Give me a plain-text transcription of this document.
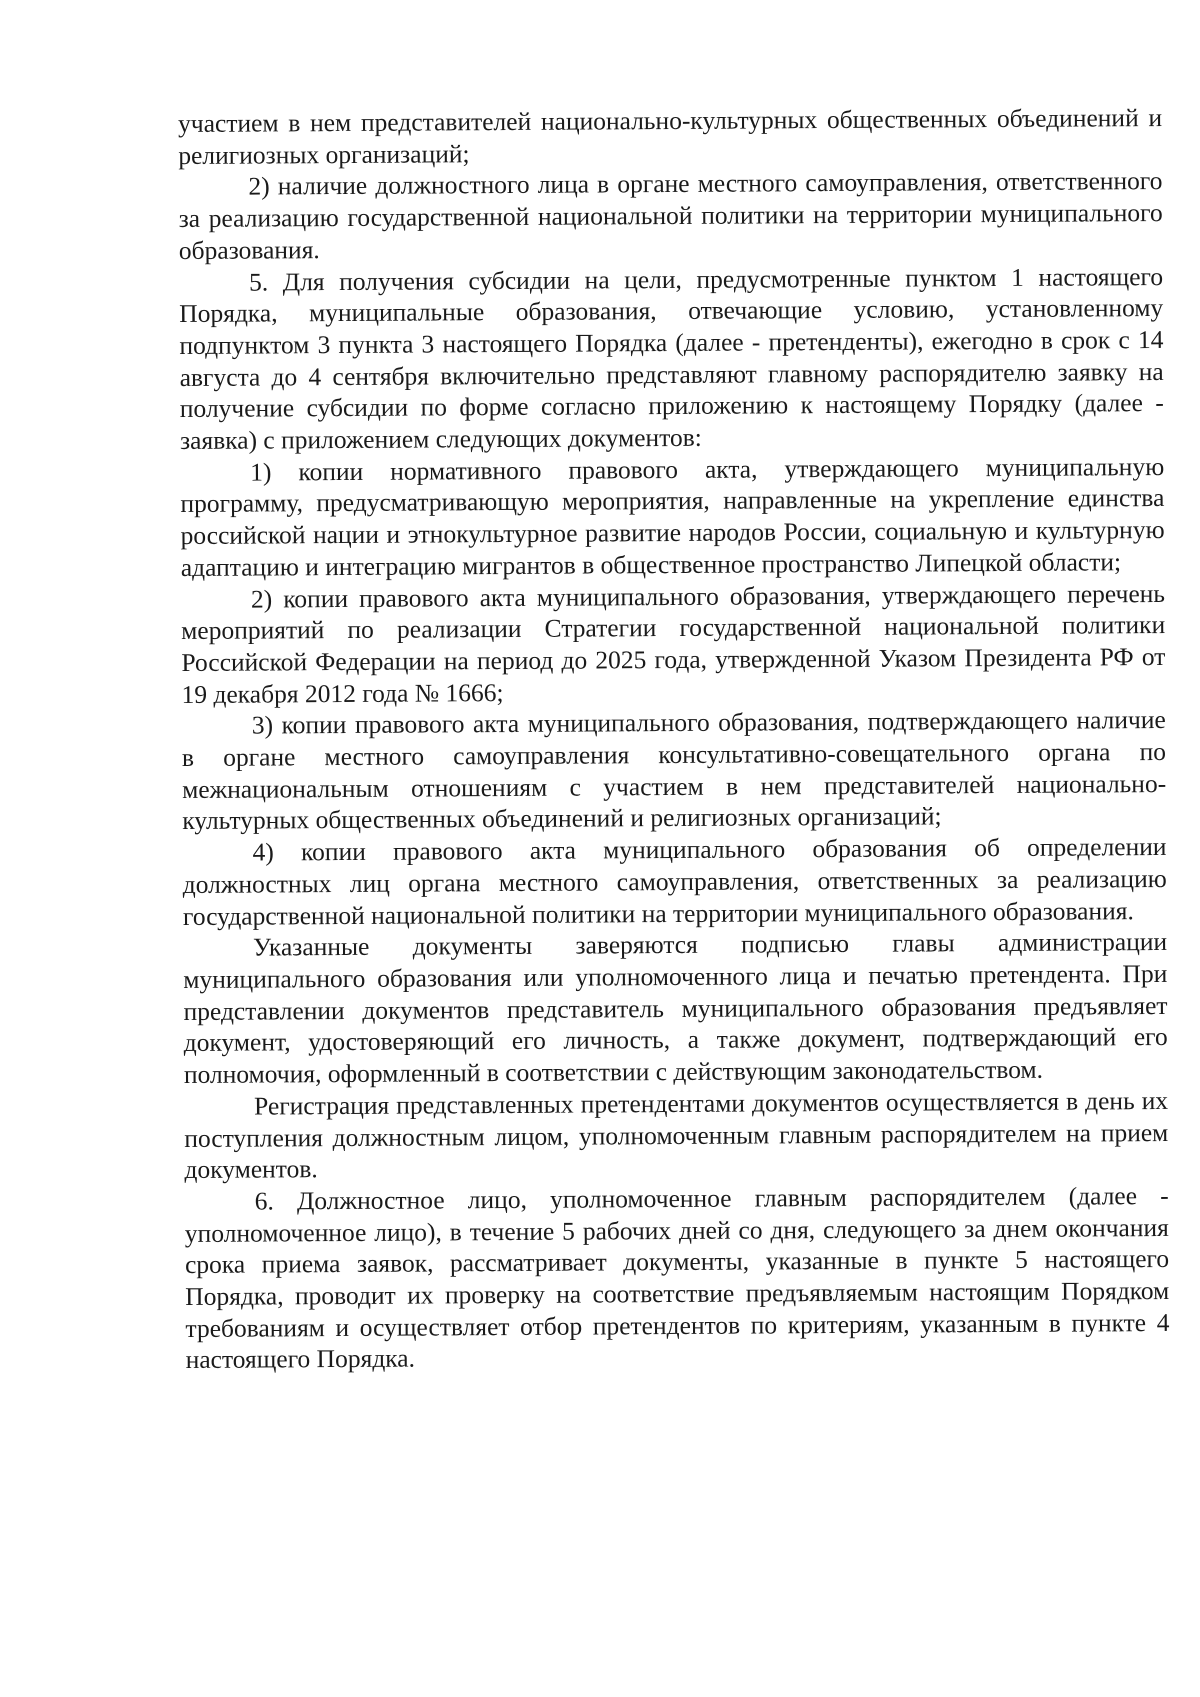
участием в нем представителей национально-культурных общественных объединений и религиозных организаций;

2) наличие должностного лица в органе местного самоуправления, ответственного за реализацию государственной национальной политики на территории муниципального образования.

5. Для получения субсидии на цели, предусмотренные пунктом 1 настоящего Порядка, муниципальные образования, отвечающие условию, установленному подпунктом 3 пункта 3 настоящего Порядка (далее - претенденты), ежегодно в срок с 14 августа до 4 сентября включительно представляют главному распорядителю заявку на получение субсидии по форме согласно приложению к настоящему Порядку (далее - заявка) с приложением следующих документов:

1) копии нормативного правового акта, утверждающего муниципальную программу, предусматривающую мероприятия, направленные на укрепление единства российской нации и этнокультурное развитие народов России, социальную и культурную адаптацию и интеграцию мигрантов в общественное пространство Липецкой области;

2) копии правового акта муниципального образования, утверждающего перечень мероприятий по реализации Стратегии государственной национальной политики Российской Федерации на период до 2025 года, утвержденной Указом Президента РФ от 19 декабря 2012 года № 1666;

3) копии правового акта муниципального образования, подтверждающего наличие в органе местного самоуправления консультативно-совещательного органа по межнациональным отношениям с участием в нем представителей национально-культурных общественных объединений и религиозных организаций;

4) копии правового акта муниципального образования об определении должностных лиц органа местного самоуправления, ответственных за реализацию государственной национальной политики на территории муниципального образования.

Указанные документы заверяются подписью главы администрации муниципального образования или уполномоченного лица и печатью претендента. При представлении документов представитель муниципального образования предъявляет документ, удостоверяющий его личность, а также документ, подтверждающий его полномочия, оформленный в соответствии с действующим законодательством.

Регистрация представленных претендентами документов осуществляется в день их поступления должностным лицом, уполномоченным главным распорядителем на прием документов.

6. Должностное лицо, уполномоченное главным распорядителем (далее - уполномоченное лицо), в течение 5 рабочих дней со дня, следующего за днем окончания срока приема заявок, рассматривает документы, указанные в пункте 5 настоящего Порядка, проводит их проверку на соответствие предъявляемым настоящим Порядком требованиям и осуществляет отбор претендентов по критериям, указанным в пункте 4 настоящего Порядка.
